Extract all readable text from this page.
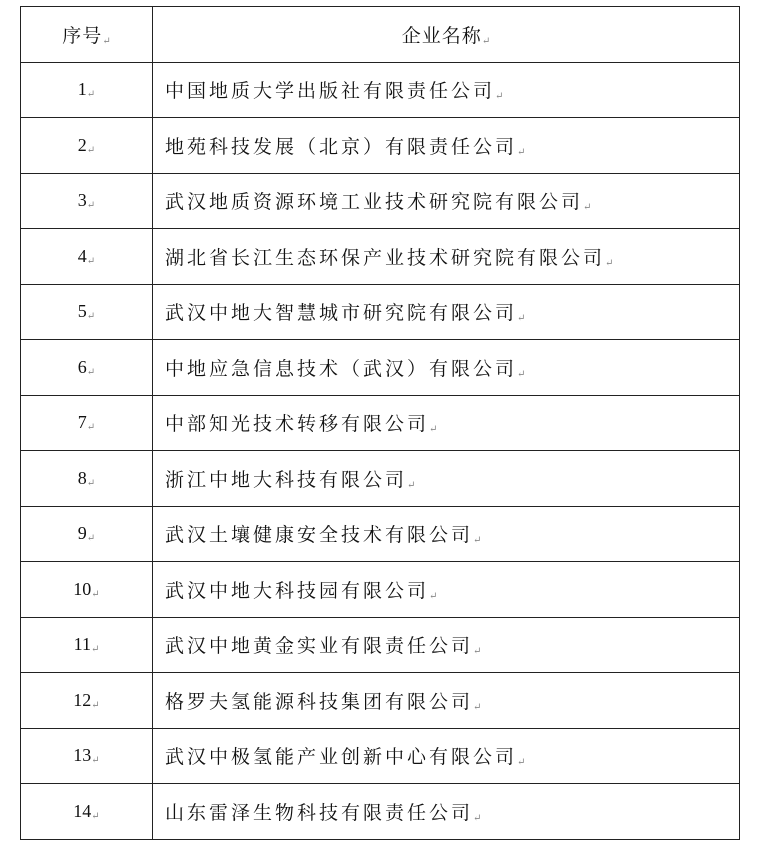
序号↵	企业名称↵
1↵	中国地质大学出版社有限责任公司↵
2↵	地苑科技发展（北京）有限责任公司↵
3↵	武汉地质资源环境工业技术研究院有限公司↵
4↵	湖北省长江生态环保产业技术研究院有限公司↵
5↵	武汉中地大智慧城市研究院有限公司↵
6↵	中地应急信息技术（武汉）有限公司↵
7↵	中部知光技术转移有限公司↵
8↵	浙江中地大科技有限公司↵
9↵	武汉土壤健康安全技术有限公司↵
10↵	武汉中地大科技园有限公司↵
11↵	武汉中地黄金实业有限责任公司↵
12↵	格罗夫氢能源科技集团有限公司↵
13↵	武汉中极氢能产业创新中心有限公司↵
14↵	山东雷泽生物科技有限责任公司↵
